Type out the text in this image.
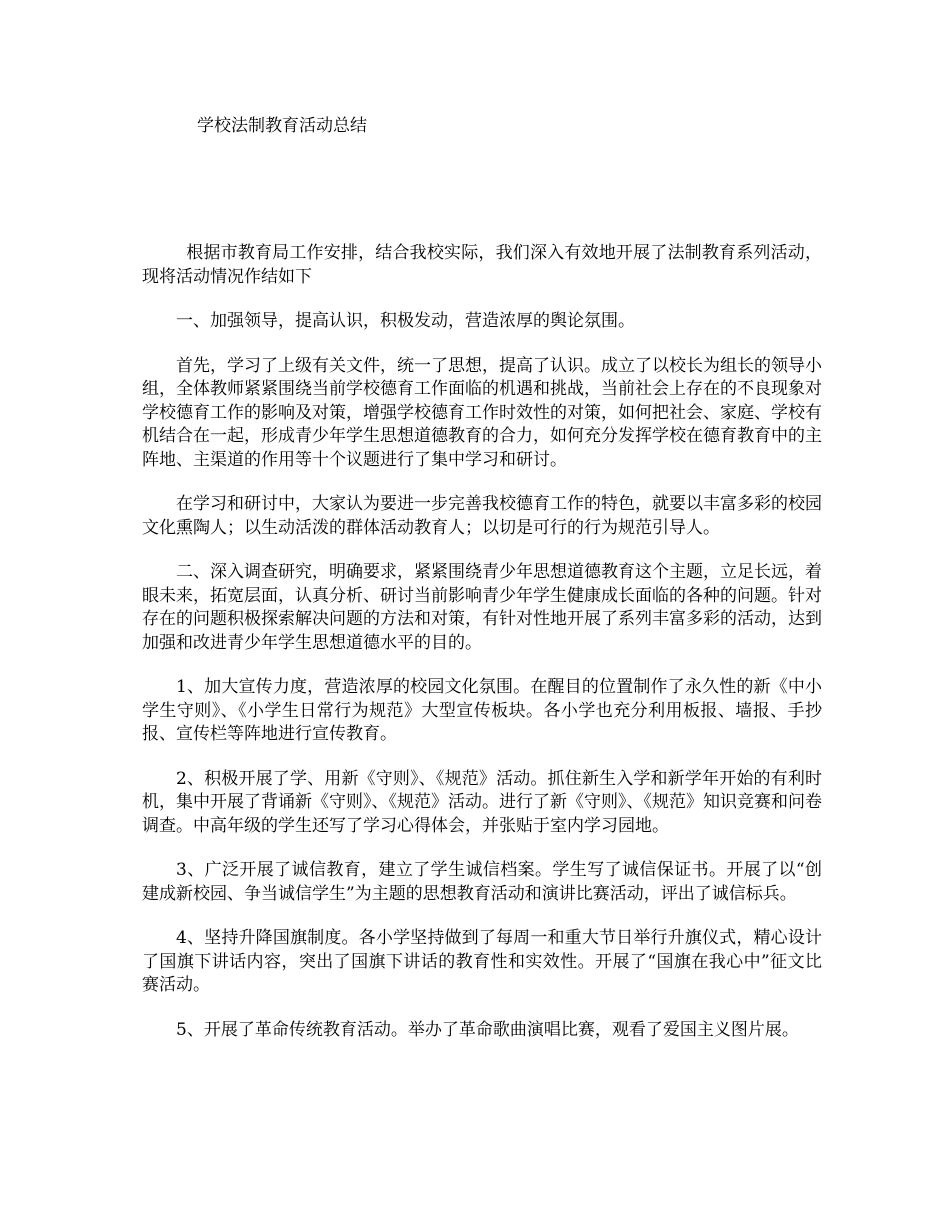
学校法制教育活动总结

根据市教育局工作安排，结合我校实际，我们深入有效地开展了法制教育系列活动，现将活动情况作结如下

一、加强领导，提高认识，积极发动，营造浓厚的舆论氛围。

首先，学习了上级有关文件，统一了思想，提高了认识。成立了以校长为组长的领导小组，全体教师紧紧围绕当前学校德育工作面临的机遇和挑战，当前社会上存在的不良现象对学校德育工作的影响及对策，增强学校德育工作时效性的对策，如何把社会、家庭、学校有机结合在一起，形成青少年学生思想道德教育的合力，如何充分发挥学校在德育教育中的主阵地、主渠道的作用等十个议题进行了集中学习和研讨。

在学习和研讨中，大家认为要进一步完善我校德育工作的特色，就要以丰富多彩的校园文化熏陶人；以生动活泼的群体活动教育人；以切是可行的行为规范引导人。

二、深入调查研究，明确要求，紧紧围绕青少年思想道德教育这个主题，立足长远，着眼未来，拓宽层面，认真分析、研讨当前影响青少年学生健康成长面临的各种的问题。针对存在的问题积极探索解决问题的方法和对策，有针对性地开展了系列丰富多彩的活动，达到加强和改进青少年学生思想道德水平的目的。

1、加大宣传力度，营造浓厚的校园文化氛围。在醒目的位置制作了永久性的新《中小学生守则》、《小学生日常行为规范》大型宣传板块。各小学也充分利用板报、墙报、手抄报、宣传栏等阵地进行宣传教育。

2、积极开展了学、用新《守则》、《规范》活动。抓住新生入学和新学年开始的有利时机，集中开展了背诵新《守则》、《规范》活动。进行了新《守则》、《规范》知识竞赛和问卷调查。中高年级的学生还写了学习心得体会，并张贴于室内学习园地。

3、广泛开展了诚信教育，建立了学生诚信档案。学生写了诚信保证书。开展了以“创建成新校园、争当诚信学生”为主题的思想教育活动和演讲比赛活动，评出了诚信标兵。

4、坚持升降国旗制度。各小学坚持做到了每周一和重大节日举行升旗仪式，精心设计了国旗下讲话内容，突出了国旗下讲话的教育性和实效性。开展了“国旗在我心中”征文比赛活动。

5、开展了革命传统教育活动。举办了革命歌曲演唱比赛，观看了爱国主义图片展。
